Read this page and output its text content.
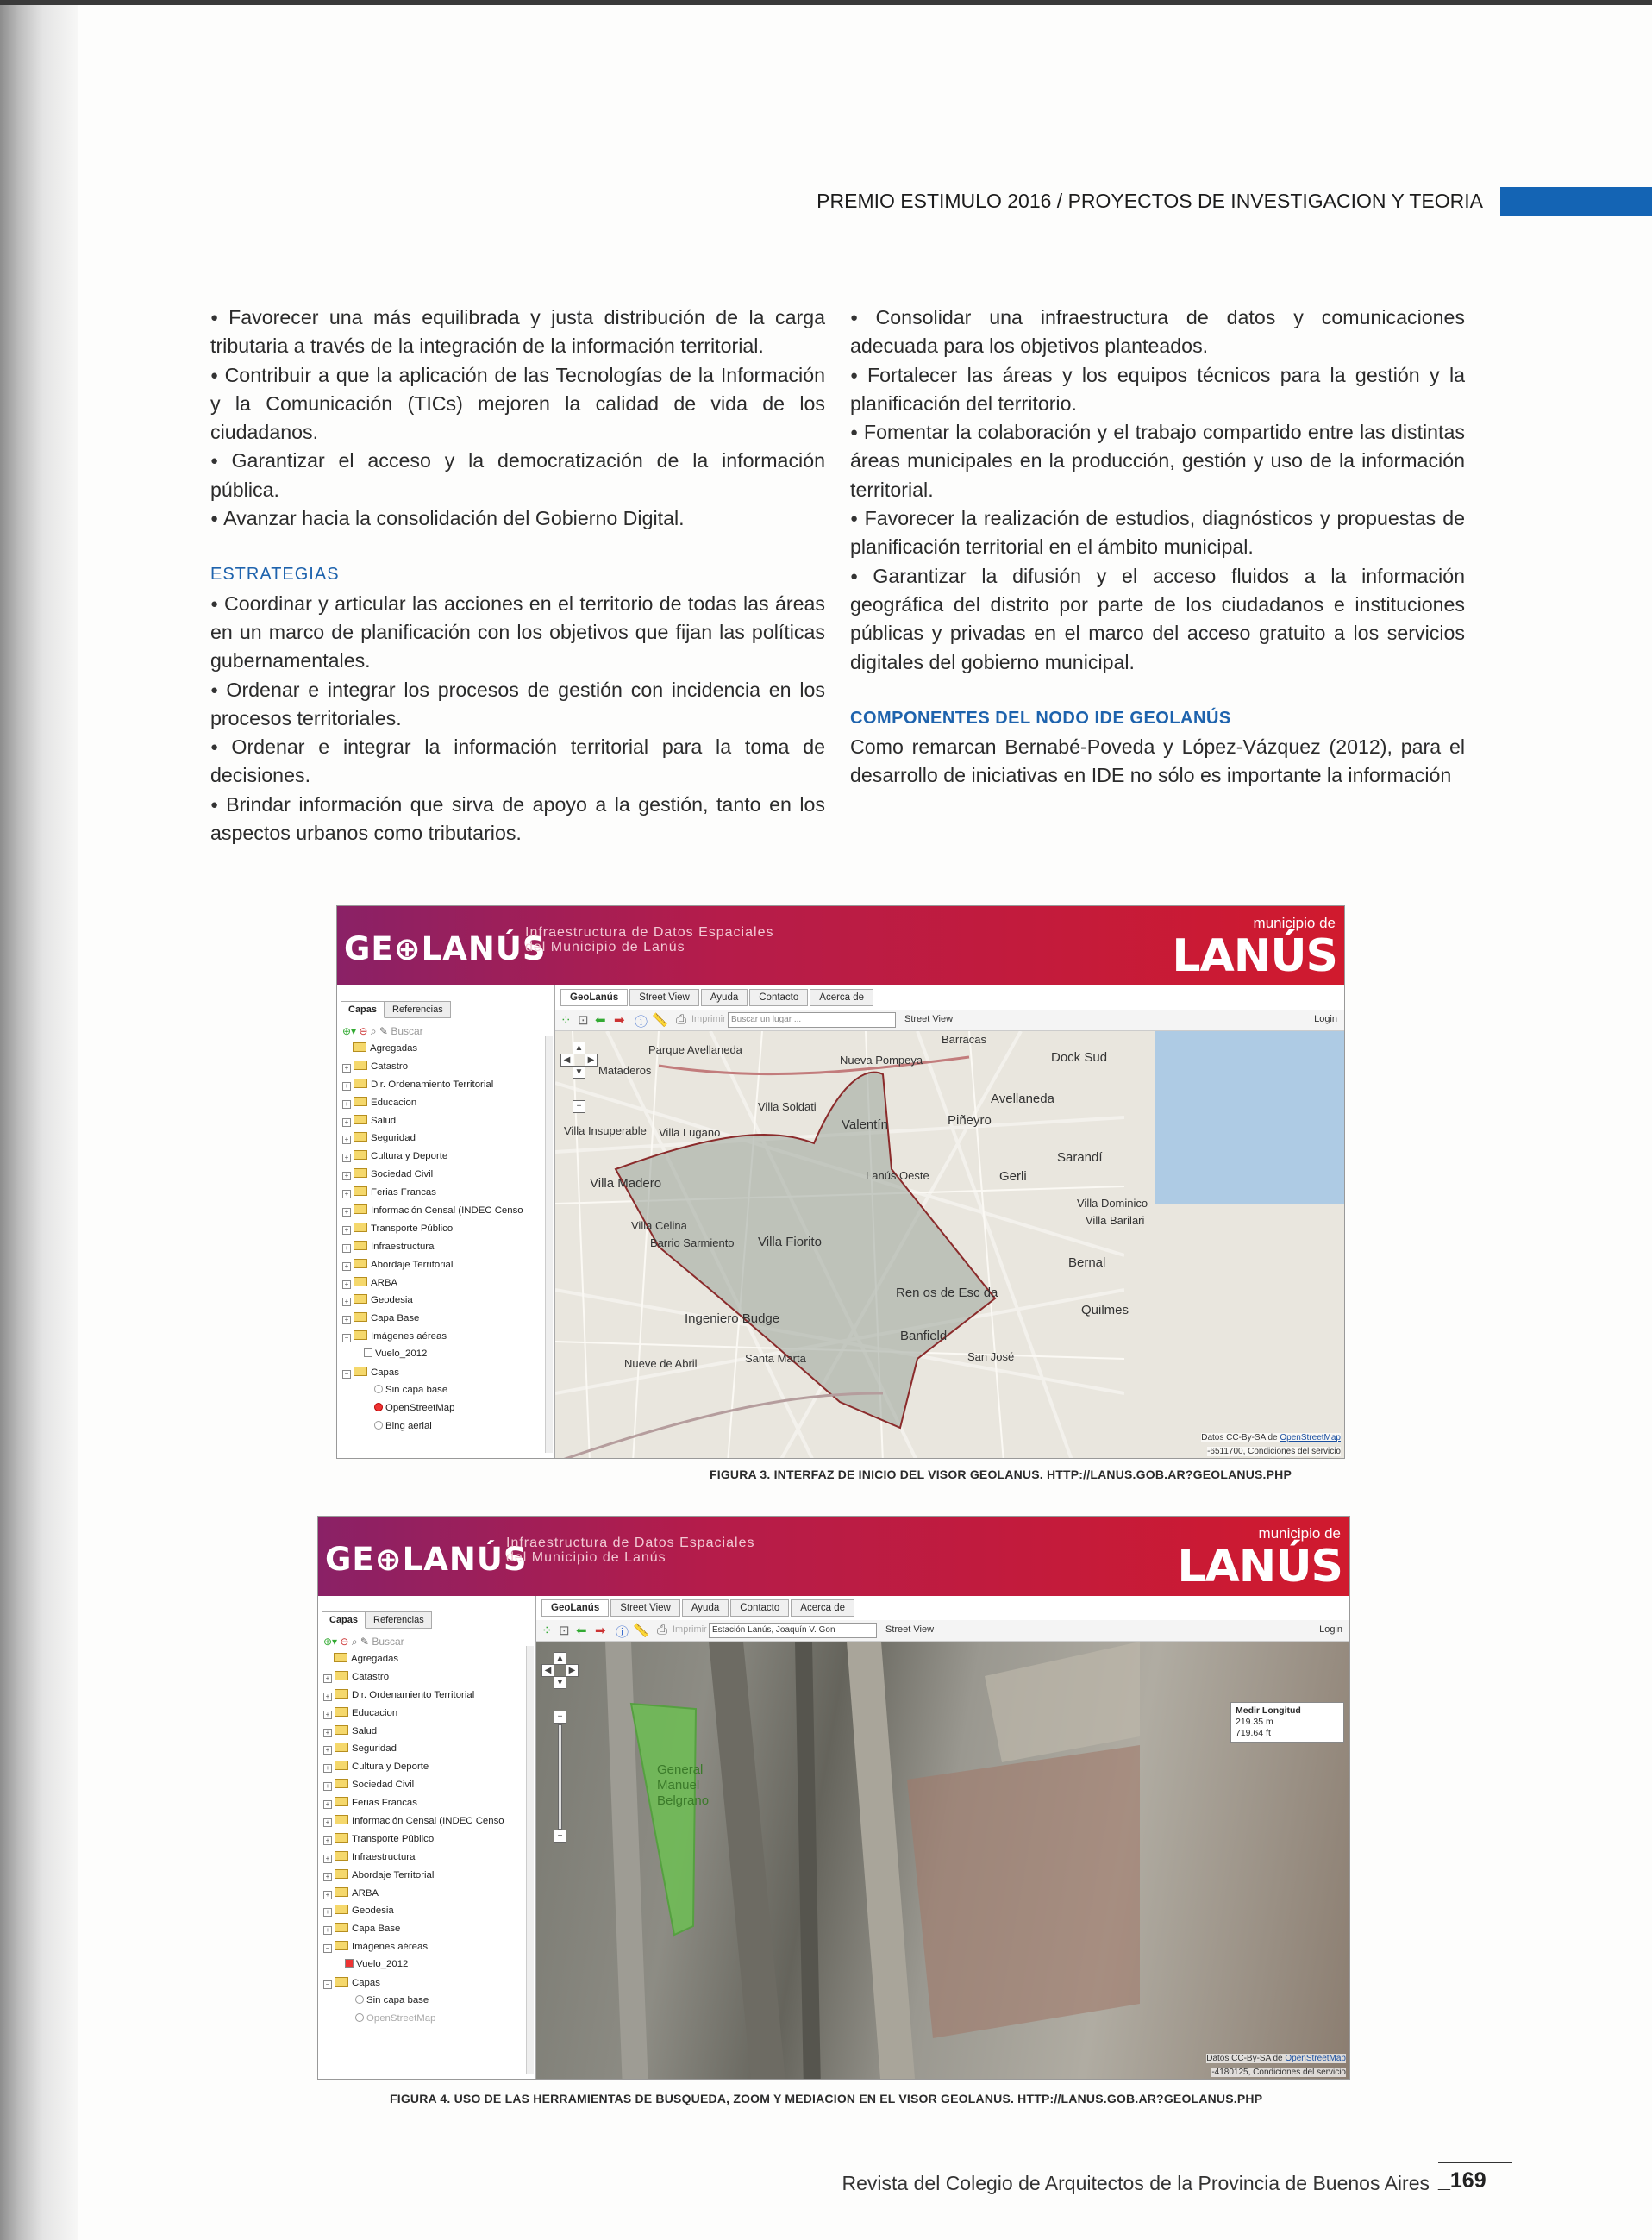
PREMIO ESTIMULO 2016 / PROYECTOS DE INVESTIGACION Y TEORIA

● Favorecer una más equilibrada y justa distribución de la carga tributaria a través de la integración de la información territorial.

● Contribuir a que la aplicación de las Tecnologías de la Información y la Comunicación (TICs) mejoren la calidad de vida de los ciudadanos.

● Garantizar el acceso y la democratización de la información pública.

● Avanzar hacia la consolidación del Gobierno Digital.

ESTRATEGIAS

● Coordinar y articular las acciones en el territorio de todas las áreas en un marco de planificación con los objetivos que fijan las políticas gubernamentales.

● Ordenar e integrar los procesos de gestión con incidencia en los procesos territoriales.

● Ordenar e integrar la información territorial para la toma de decisiones.

● Brindar información que sirva de apoyo a la gestión, tanto en los aspectos urbanos como tributarios.

● Consolidar una infraestructura de datos y comunicaciones adecuada para los objetivos planteados.

● Fortalecer las áreas y los equipos técnicos para la gestión y la planificación del territorio.

● Fomentar la colaboración y el trabajo compartido entre las distintas áreas municipales en la producción, gestión y uso de la información territorial.

● Favorecer la realización de estudios, diagnósticos y propuestas de planificación territorial en el ámbito municipal.

● Garantizar la difusión y el acceso fluidos a la información geográfica del distrito por parte de los ciudadanos e instituciones públicas y privadas en el marco del acceso gratuito a los servicios digitales del gobierno municipal.

COMPONENTES DEL NODO IDE GEOLANÚS

Como remarcan Bernabé-Poveda y López-Vázquez (2012), para el desarrollo de iniciativas en IDE no sólo es importante la información

GE⊕LANÚS
Infraestructura de Datos Espaciales
del Municipio de Lanús
municipio de
LANÚS
Capas Referencias
⊕▾ ⊖ ⌕ ✎ Buscar
Agregadas
+ Catastro
+ Dir. Ordenamiento Territorial
+ Educacion
+ Salud
+ Seguridad
+ Cultura y Deporte
+ Sociedad Civil
+ Ferias Francas
+ Información Censal (INDEC Censo
+ Transporte Público
+ Infraestructura
+ Abordaje Territorial
+ ARBA
+ Geodesia
+ Capa Base
− Imágenes aéreas
Vuelo_2012
− Capas
Sin capa base
OpenStreetMap
Bing aerial
GeoLanús Street View Ayuda Contacto Acerca de
⁘ ⊡ ⬅ ➡ ⓘ 📏 ⎙ Imprimir Buscar un lugar ...	Street View	Login
▲
◀	▶
▼
+
Barracas
Parque Avellaneda
Nueva Pompeya	Dock Sud
Mataderos
Avellaneda
Villa Soldati
Villa Insuperable Villa Lugano
Valentín	Piñeyro
Sarandí
Gerli
Villa Madero
Villa Dominico
Villa Barilari
Villa Celina
Barrio Sarmiento Villa Fiorito
Bernal
Ingeniero Budge
Ren os de Esc da
Quilmes
Banfield
Nueve de Abril	Santa Marta	San José
Lanús Oeste
Datos CC-By-SA de OpenStreetMap
-6511700, Condiciones del servicio
FIGURA 3. INTERFAZ DE INICIO DEL VISOR GEOLANUS. HTTP://LANUS.GOB.AR?GEOLANUS.PHP
GE⊕LANÚS
Infraestructura de Datos Espaciales
del Municipio de Lanús
municipio de
LANÚS
Capas Referencias
⊕▾ ⊖ ⌕ ✎ Buscar
Agregadas
+ Catastro
+ Dir. Ordenamiento Territorial
+ Educacion
+ Salud
+ Seguridad
+ Cultura y Deporte
+ Sociedad Civil
+ Ferias Francas
+ Información Censal (INDEC Censo
+ Transporte Público
+ Infraestructura
+ Abordaje Territorial
+ ARBA
+ Geodesia
+ Capa Base
− Imágenes aéreas
Vuelo_2012
− Capas
Sin capa base
OpenStreetMap
GeoLanús Street View Ayuda Contacto Acerca de
⁘ ⊡ ⬅ ➡ ⓘ 📏 ⎙ Imprimir Estación Lanús, Joaquín V. Gon	Street View	Login
▲
◀	▶
▼
+
−
General Manuel Belgrano
Medir Longitud
219.35 m
719.64 ft
Datos CC-By-SA de OpenStreetMap
-4180125, Condiciones del servicio
FIGURA 4. USO DE LAS HERRAMIENTAS DE BUSQUEDA, ZOOM Y MEDIACION EN EL VISOR GEOLANUS. HTTP://LANUS.GOB.AR?GEOLANUS.PHP
Revista del Colegio de Arquitectos de la Provincia de Buenos Aires _169
